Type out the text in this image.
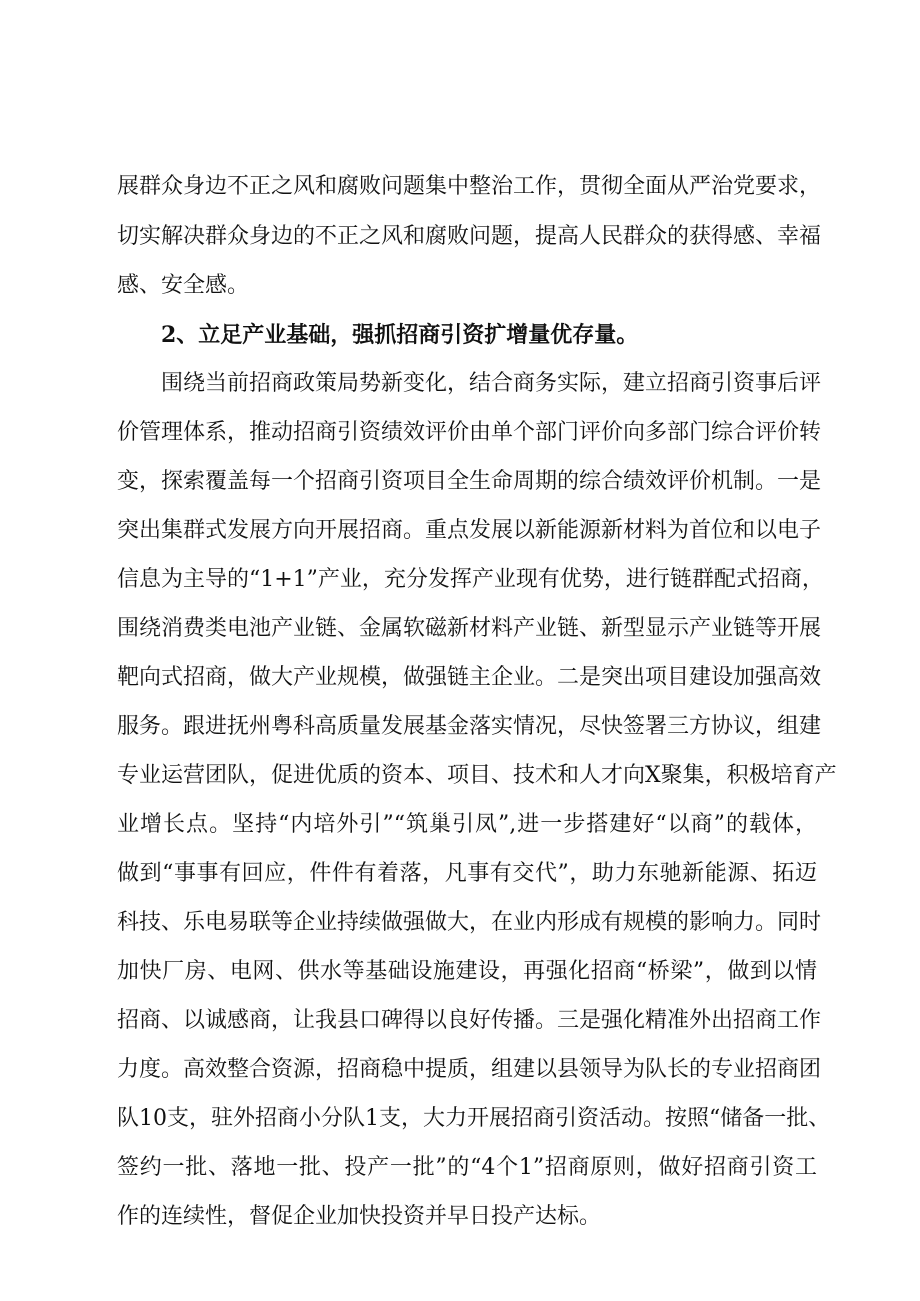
展群众身边不正之风和腐败问题集中整治工作，贯彻全面从严治党要求，
切实解决群众身边的不正之风和腐败问题，提高人民群众的获得感、幸福
感、安全感。
2、立足产业基础，强抓招商引资扩增量优存量。
　　围绕当前招商政策局势新变化，结合商务实际，建立招商引资事后评
价管理体系，推动招商引资绩效评价由单个部门评价向多部门综合评价转
变，探索覆盖每一个招商引资项目全生命周期的综合绩效评价机制。一是
突出集群式发展方向开展招商。重点发展以新能源新材料为首位和以电子
信息为主导的“1+1”产业，充分发挥产业现有优势，进行链群配式招商，
围绕消费类电池产业链、金属软磁新材料产业链、新型显示产业链等开展
靶向式招商，做大产业规模，做强链主企业。二是突出项目建设加强高效
服务。跟进抚州粤科高质量发展基金落实情况，尽快签署三方协议，组建
专业运营团队，促进优质的资本、项目、技术和人才向X聚集，积极培育产
业增长点。坚持“内培外引”“筑巢引凤”,进一步搭建好“以商”的载体，
做到“事事有回应，件件有着落，凡事有交代”，助力东驰新能源、拓迈
科技、乐电易联等企业持续做强做大，在业内形成有规模的影响力。同时
加快厂房、电网、供水等基础设施建设，再强化招商“桥梁”，做到以情
招商、以诚感商，让我县口碑得以良好传播。三是强化精准外出招商工作
力度。高效整合资源，招商稳中提质，组建以县领导为队长的专业招商团
队10支，驻外招商小分队1支，大力开展招商引资活动。按照“储备一批、
签约一批、落地一批、投产一批”的“4个1”招商原则，做好招商引资工
作的连续性，督促企业加快投资并早日投产达标。
